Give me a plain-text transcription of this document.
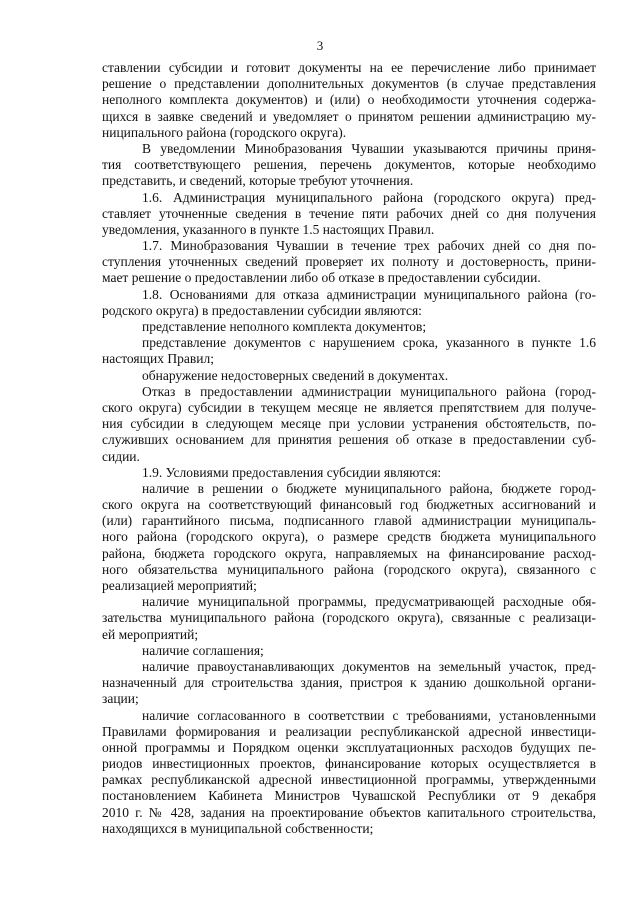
3
ставлении субсидии и готовит документы на ее перечисление либо принимает
решение о представлении дополнительных документов (в случае представления
неполного комплекта документов) и (или) о необходимости уточнения содержа-
щихся в заявке сведений и уведомляет о принятом решении администрацию му-
ниципального района (городского округа).
В уведомлении Минобразования Чувашии указываются причины приня-
тия соответствующего решения, перечень документов, которые необходимо
представить, и сведений, которые требуют уточнения.
1.6. Администрация муниципального района (городского округа) пред-
ставляет уточненные сведения в течение пяти рабочих дней со дня получения
уведомления, указанного в пункте 1.5 настоящих Правил.
1.7. Минобразования Чувашии в течение трех рабочих дней со дня по-
ступления уточненных сведений проверяет их полноту и достоверность, прини-
мает решение о предоставлении либо об отказе в предоставлении субсидии.
1.8. Основаниями для отказа администрации муниципального района (го-
родского округа) в предоставлении субсидии являются:
представление неполного комплекта документов;
представление документов с нарушением срока, указанного в пункте 1.6
настоящих Правил;
обнаружение недостоверных сведений в документах.
Отказ в предоставлении администрации муниципального района (город-
ского округа) субсидии в текущем месяце не является препятствием для получе-
ния субсидии в следующем месяце при условии устранения обстоятельств, по-
служивших основанием для принятия решения об отказе в предоставлении суб-
сидии.
1.9. Условиями предоставления субсидии являются:
наличие в решении о бюджете муниципального района, бюджете город-
ского округа на соответствующий финансовый год бюджетных ассигнований и
(или) гарантийного письма, подписанного главой администрации муниципаль-
ного района (городского округа), о размере средств бюджета муниципального
района, бюджета городского округа, направляемых на финансирование расход-
ного обязательства муниципального района (городского округа), связанного с
реализацией мероприятий;
наличие муниципальной программы, предусматривающей расходные обя-
зательства муниципального района (городского округа), связанные с реализаци-
ей мероприятий;
наличие соглашения;
наличие правоустанавливающих документов на земельный участок, пред-
назначенный для строительства здания, пристроя к зданию дошкольной органи-
зации;
наличие согласованного в соответствии с требованиями, установленными
Правилами формирования и реализации республиканской адресной инвестици-
онной программы и Порядком оценки эксплуатационных расходов будущих пе-
риодов инвестиционных проектов, финансирование которых осуществляется в
рамках республиканской адресной инвестиционной программы, утвержденными
постановлением Кабинета Министров Чувашской Республики от 9 декабря
2010 г. № 428, задания на проектирование объектов капитального строительства,
находящихся в муниципальной собственности;
